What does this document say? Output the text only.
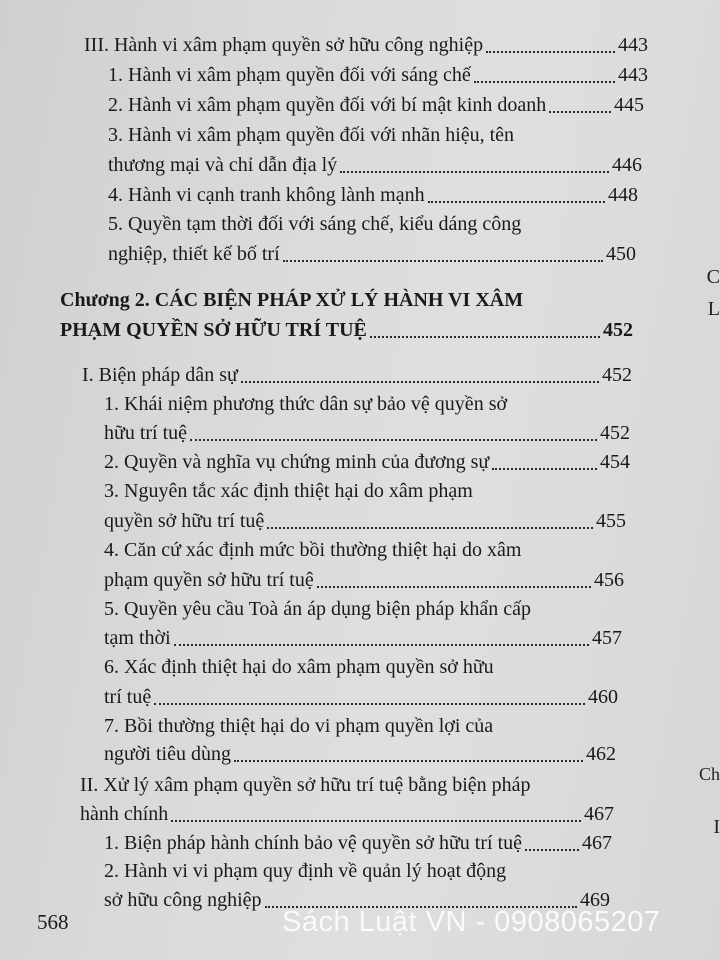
III. Hành vi xâm phạm quyền sở hữu công nghiệp	443
1. Hành vi xâm phạm quyền đối với sáng chế	443
2. Hành vi xâm phạm quyền đối với bí mật kinh doanh	445
3. Hành vi xâm phạm quyền đối với nhãn hiệu, tên
thương mại và chỉ dẫn địa lý	446
4. Hành vi cạnh tranh không lành mạnh	448
5. Quyền tạm thời đối với sáng chế, kiểu dáng công
nghiệp, thiết kế bố trí	450
Chương 2. CÁC BIỆN PHÁP XỬ LÝ HÀNH VI XÂM
PHẠM QUYỀN SỞ HỮU TRÍ TUỆ	452
I. Biện pháp dân sự	452
1. Khái niệm phương thức dân sự bảo vệ quyền sở
hữu trí tuệ	452
2. Quyền và nghĩa vụ chứng minh của đương sự	454
3. Nguyên tắc xác định thiệt hại do xâm phạm
quyền sở hữu trí tuệ	455
4. Căn cứ xác định mức bồi thường thiệt hại do xâm
phạm quyền sở hữu trí tuệ	456
5. Quyền yêu cầu Toà án áp dụng biện pháp khẩn cấp
tạm thời	457
6. Xác định thiệt hại do xâm phạm quyền sở hữu
trí tuệ	460
7. Bồi thường thiệt hại do vi phạm quyền lợi của
người tiêu dùng	462
II. Xử lý xâm phạm quyền sở hữu trí tuệ bằng biện pháp
hành chính	467
1. Biện pháp hành chính bảo vệ quyền sở hữu trí tuệ	467
2. Hành vi vi phạm quy định về quản lý hoạt động
sở hữu công nghiệp	469
568
C
L
Ch
I
Sách Luật VN - 0908065207
